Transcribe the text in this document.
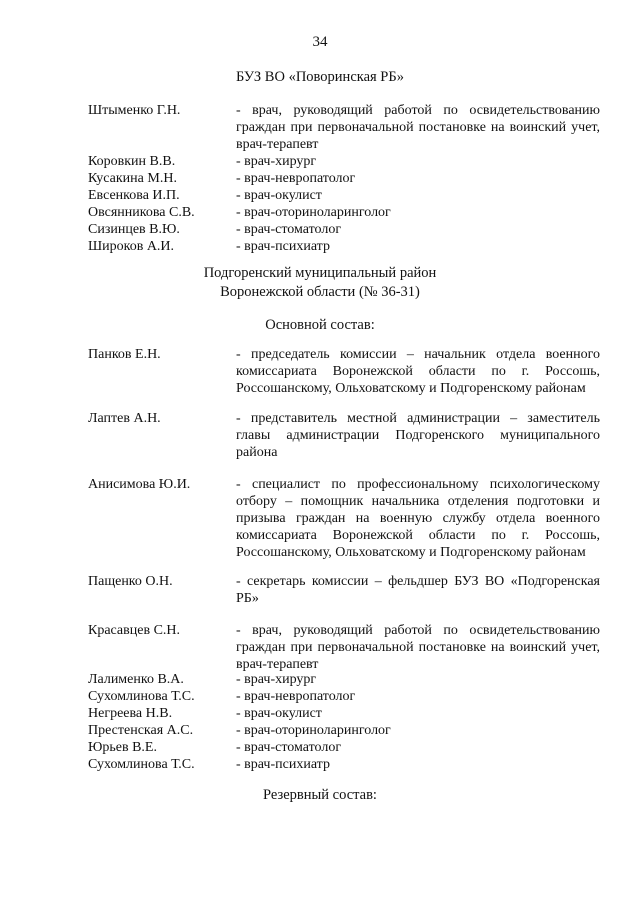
34
БУЗ ВО «Поворинская РБ»
Штыменко Г.Н.	- врач, руководящий работой по освидетельствованию
граждан при первоначальной постановке на воинский учет,
врач-терапевт
Коровкин В.В.	- врач-хирург
Кусакина М.Н.	- врач-невропатолог
Евсенкова И.П.	- врач-окулист
Овсянникова С.В.	- врач-оториноларинголог
Сизинцев В.Ю.	- врач-стоматолог
Широков А.И.	- врач-психиатр
Подгоренский муниципальный район
Воронежской области (№ 36-31)
Основной состав:
Панков Е.Н.	- председатель комиссии – начальник отдела военного
комиссариата Воронежской области по г. Россошь,
Россошанскому, Ольховатскому и Подгоренскому районам
Лаптев А.Н.	- представитель местной администрации – заместитель
главы администрации Подгоренского муниципального
района
Анисимова Ю.И.	- специалист по профессиональному психологическому
отбору – помощник начальника отделения подготовки и
призыва граждан на военную службу отдела военного
комиссариата Воронежской области по г. Россошь,
Россошанскому, Ольховатскому и Подгоренскому районам
Пащенко О.Н.	- секретарь комиссии – фельдшер БУЗ ВО «Подгоренская
РБ»
Красавцев С.Н.	- врач, руководящий работой по освидетельствованию
граждан при первоначальной постановке на воинский учет,
врач-терапевт
Лалименко В.А.	- врач-хирург
Сухомлинова Т.С.	- врач-невропатолог
Негреева Н.В.	- врач-окулист
Престенская А.С.	- врач-оториноларинголог
Юрьев В.Е.	- врач-стоматолог
Сухомлинова Т.С.	- врач-психиатр
Резервный состав:
